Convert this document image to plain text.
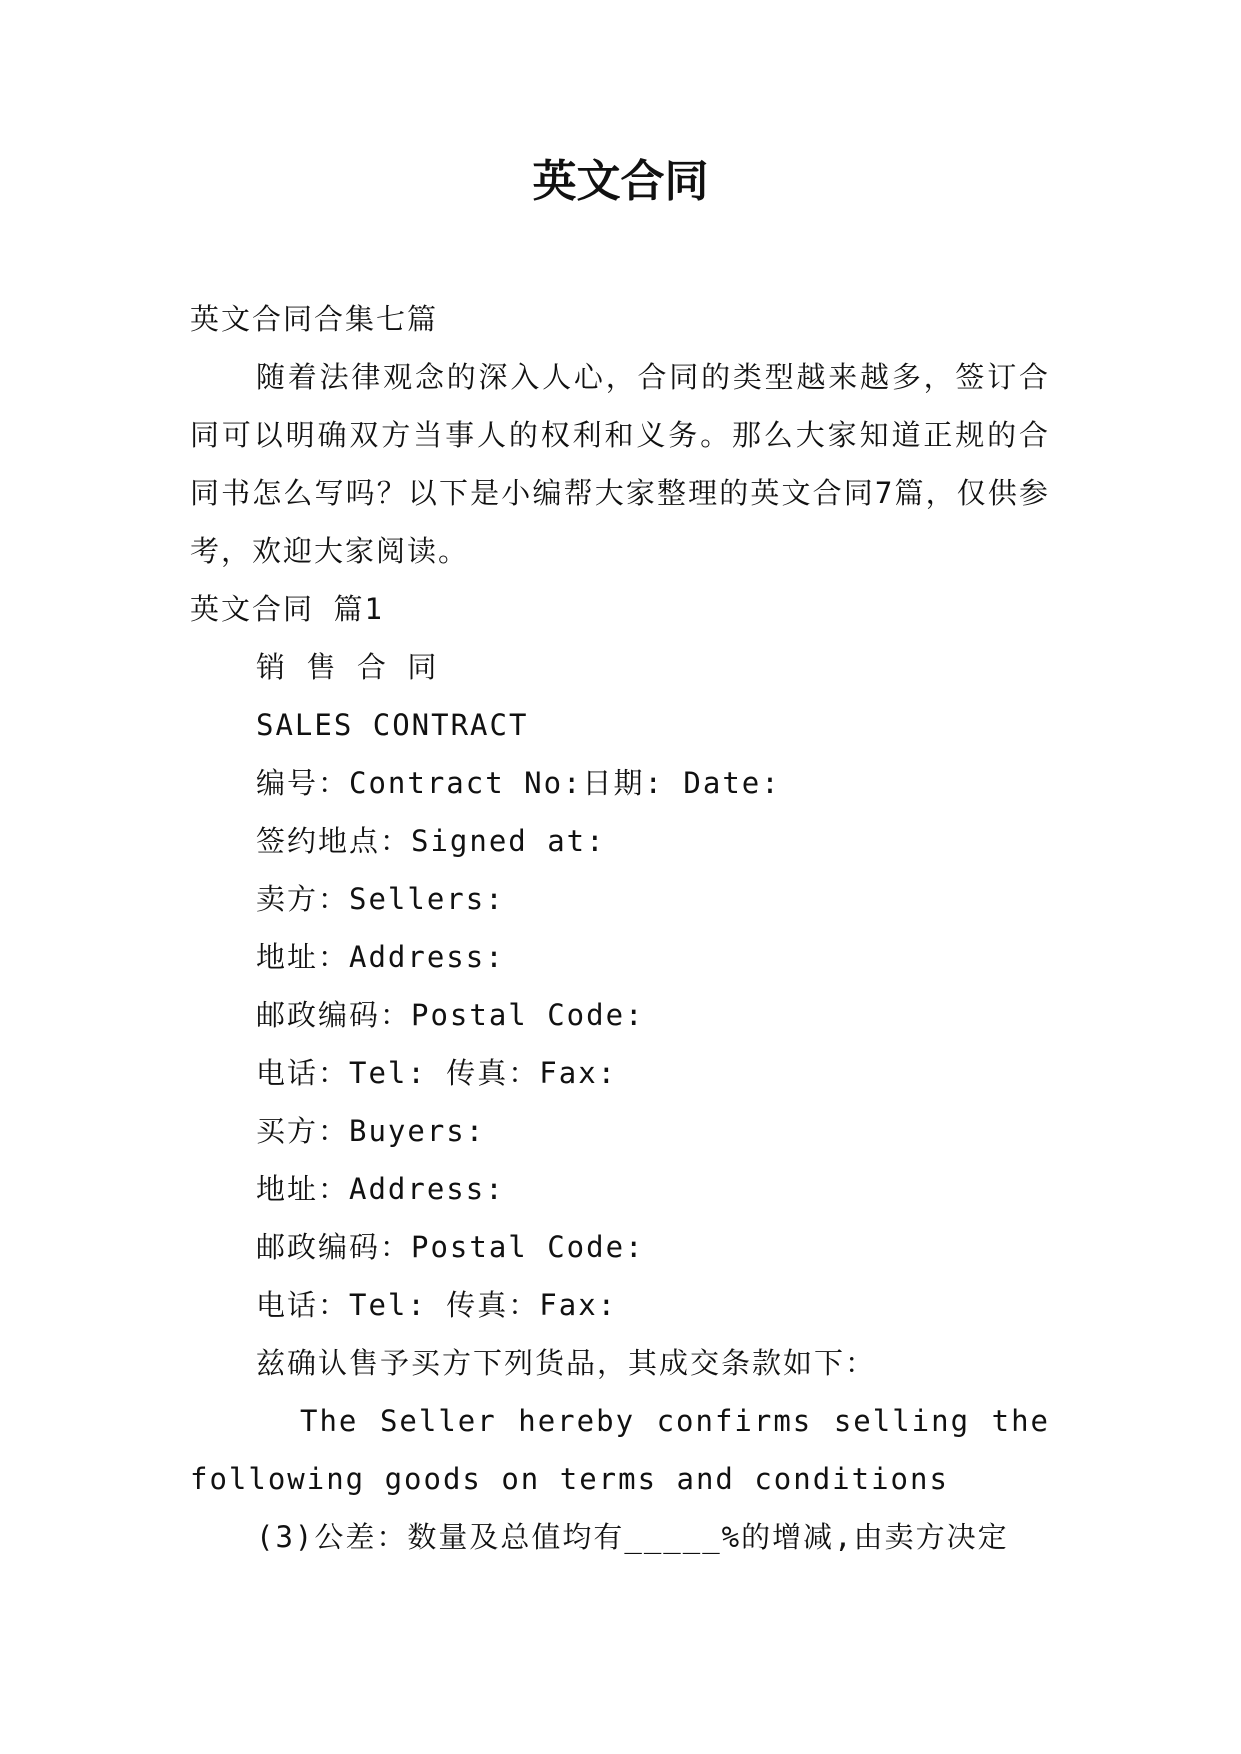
英文合同

英文合同合集七篇

随着法律观念的深入人心，合同的类型越来越多，签订合同可以明确双方当事人的权利和义务。那么大家知道正规的合同书怎么写吗？以下是小编帮大家整理的英文合同7篇，仅供参考，欢迎大家阅读。

英文合同 篇1

销 售 合 同

SALES CONTRACT

编号：Contract No:日期: Date:

签约地点：Signed at:

卖方：Sellers:

地址：Address:

邮政编码：Postal Code:

电话：Tel: 传真：Fax:

买方：Buyers:

地址：Address:

邮政编码：Postal Code:

电话：Tel: 传真：Fax:

兹确认售予买方下列货品，其成交条款如下：

The Seller hereby confirms selling the

following goods on terms and conditions

(3)公差：数量及总值均有_____%的增减,由卖方决定
